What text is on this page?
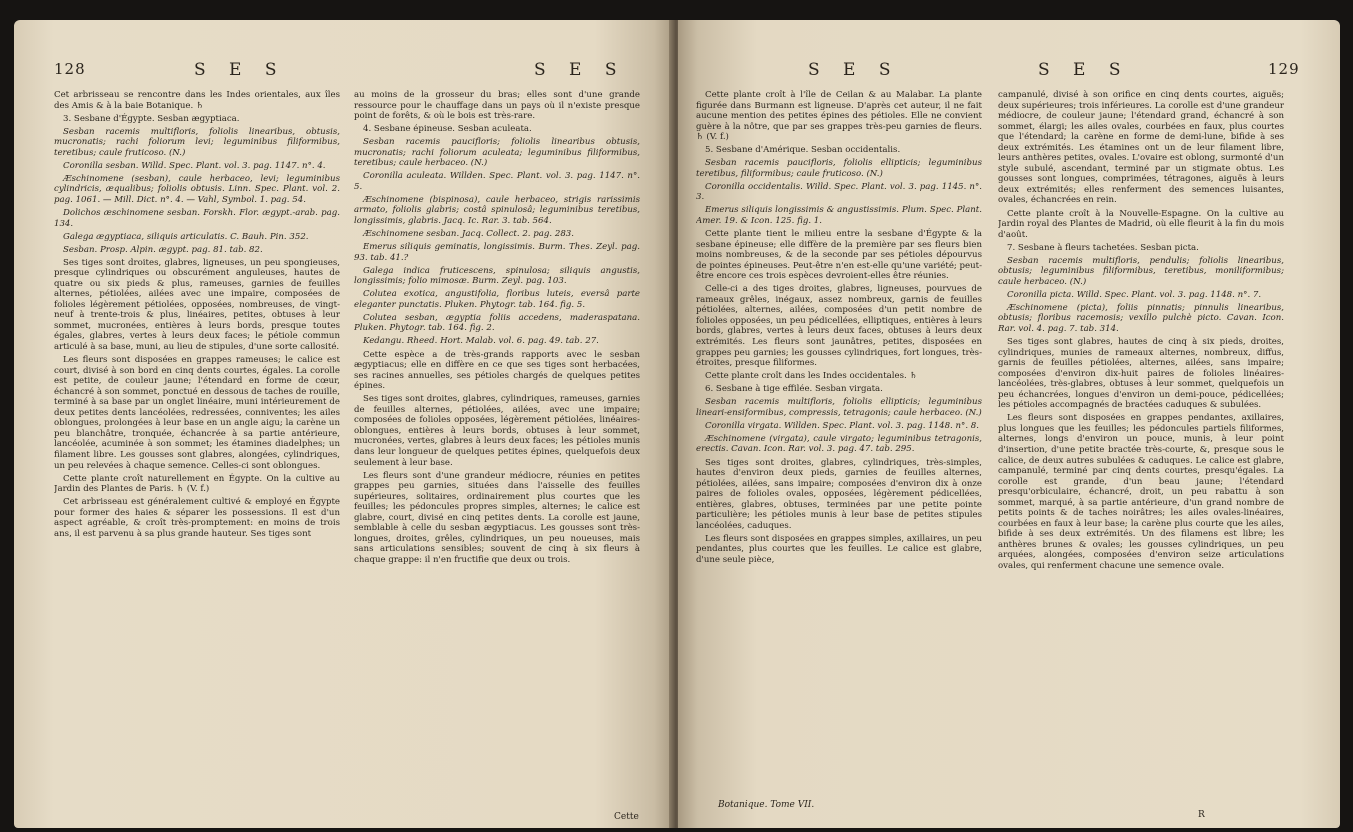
128	S E S	S E S

Cet arbrisseau se rencontre dans les Indes orientales, aux îles des Amis & à la baie Botanique. ♄

3. Sesbane d'Égypte. Sesban ægyptiaca.

Sesban racemis multifloris, foliolis linearibus, obtusis, mucronatis; rachi foliorum levi; leguminibus filiformibus, teretibus; caule fruticoso. (N.)

Coronilla sesban. Willd. Spec. Plant. vol. 3. pag. 1147. n°. 4.

Æschinomene (sesban), caule herbaceo, levi; leguminibus cylindricis, æqualibus; foliolis obtusis. Linn. Spec. Plant. vol. 2. pag. 1061. — Mill. Dict. n°. 4. — Vahl, Symbol. 1. pag. 54.

Dolichos æschinomene sesban. Forskh. Flor. ægypt.-arab. pag. 134.

Galega ægyptiaca, siliquis articulatis. C. Bauh. Pin. 352.

Sesban. Prosp. Alpin. ægypt. pag. 81. tab. 82.

Ses tiges sont droites, glabres, ligneuses, un peu spongieuses, presque cylindriques ou obscurément anguleuses, hautes de quatre ou six pieds & plus, rameuses, garnies de feuilles alternes, pétiolées, ailées avec une impaire, composées de folioles légèrement pétiolées, opposées, nombreuses, de vingt-neuf à trente-trois & plus, linéaires, petites, obtuses à leur sommet, mucronées, entières à leurs bords, presque toutes égales, glabres, vertes à leurs deux faces; le pétiole commun articulé à sa base, muni, au lieu de stipules, d'une sorte callosité.

Les fleurs sont disposées en grappes rameuses; le calice est court, divisé à son bord en cinq dents courtes, égales. La corolle est petite, de couleur jaune; l'étendard en forme de cœur, échancré à son sommet, ponctué en dessous de taches de rouille, terminé à sa base par un onglet linéaire, muni intérieurement de deux petites dents lancéolées, redressées, conniventes; les ailes oblongues, prolongées à leur base en un angle aigu; la carène un peu blanchâtre, tronquée, échancrée à sa partie antérieure, lancéolée, acuminée à son sommet; les étamines diadelphes; un filament libre. Les gousses sont glabres, alongées, cylindriques, un peu relevées à chaque semence. Celles-ci sont oblongues.

Cette plante croît naturellement en Égypte. On la cultive au Jardin des Plantes de Paris. ♄ (V. f.)

Cet arbrisseau est généralement cultivé & employé en Égypte pour former des haies & séparer les possessions. Il est d'un aspect agréable, & croît très-promptement: en moins de trois ans, il est parvenu à sa plus grande hauteur. Ses tiges sont

au moins de la grosseur du bras; elles sont d'une grande ressource pour le chauffage dans un pays où il n'existe presque point de forêts, & où le bois est très-rare.

4. Sesbane épineuse. Sesban aculeata.

Sesban racemis paucifloris; foliolis linearibus obtusis, mucronatis; rachi foliorum aculeata; leguminibus filiformibus, teretibus; caule herbaceo. (N.)

Coronilla aculeata. Willden. Spec. Plant. vol. 3. pag. 1147. n°. 5.

Æschinomene (bispinosa), caule herbaceo, strigis rarissimis armato, foliolis glabris; costâ spinulosâ; leguminibus teretibus, longissimis, glabris. Jacq. Ic. Rar. 3. tab. 564.

Æschinomene sesban. Jacq. Collect. 2. pag. 283.

Emerus siliquis geminatis, longissimis. Burm. Thes. Zeyl. pag. 93. tab. 41.?

Galega indica fruticescens, spinulosa; siliquis angustis, longissimis; folio mimosæ. Burm. Zeyl. pag. 103.

Colutea exotica, angustifolia, floribus luteis, eversâ parte eleganter punctatis. Pluken. Phytogr. tab. 164. fig. 5.

Colutea sesban, ægyptia foliis accedens, maderaspatana. Pluken. Phytogr. tab. 164. fig. 2.

Kedangu. Rheed. Hort. Malab. vol. 6. pag. 49. tab. 27.

Cette espèce a de très-grands rapports avec le sesban ægyptiacus; elle en diffère en ce que ses tiges sont herbacées, ses racines annuelles, ses pétioles chargés de quelques petites épines.

Ses tiges sont droites, glabres, cylindriques, rameuses, garnies de feuilles alternes, pétiolées, ailées, avec une impaire; composées de folioles opposées, légèrement pétiolées, linéaires-oblongues, entières à leurs bords, obtuses à leur sommet, mucronées, vertes, glabres à leurs deux faces; les pétioles munis dans leur longueur de quelques petites épines, quelquefois deux seulement à leur base.

Les fleurs sont d'une grandeur médiocre, réunies en petites grappes peu garnies, situées dans l'aisselle des feuilles supérieures, solitaires, ordinairement plus courtes que les feuilles; les pédoncules propres simples, alternes; le calice est glabre, court, divisé en cinq petites dents. La corolle est jaune, semblable à celle du sesban ægyptiacus. Les gousses sont très-longues, droites, grêles, cylindriques, un peu noueuses, mais sans articulations sensibles; souvent de cinq à six fleurs à chaque grappe: il n'en fructifie que deux ou trois.

Cette
S E S	S E S	129

Cette plante croît à l'île de Ceilan & au Malabar. La plante figurée dans Burmann est ligneuse. D'après cet auteur, il ne fait aucune mention des petites épines des pétioles. Elle ne convient guère à la nôtre, que par ses grappes très-peu garnies de fleurs. ♄ (V. f.)

5. Sesbane d'Amérique. Sesban occidentalis.

Sesban racemis paucifloris, foliolis ellipticis; leguminibus teretibus, filiformibus; caule fruticoso. (N.)

Coronilla occidentalis. Willd. Spec. Plant. vol. 3. pag. 1145. n°. 3.

Emerus siliquis longissimis & angustissimis. Plum. Spec. Plant. Amer. 19. & Icon. 125. fig. 1.

Cette plante tient le milieu entre la sesbane d'Égypte & la sesbane épineuse; elle diffère de la première par ses fleurs bien moins nombreuses, & de la seconde par ses pétioles dépourvus de pointes épineuses. Peut-être n'en est-elle qu'une variété; peut-être encore ces trois espèces devroient-elles être réunies.

Celle-ci a des tiges droites, glabres, ligneuses, pourvues de rameaux grêles, inégaux, assez nombreux, garnis de feuilles pétiolées, alternes, ailées, composées d'un petit nombre de folioles opposées, un peu pédicellées, elliptiques, entières à leurs bords, glabres, vertes à leurs deux faces, obtuses à leurs deux extrémités. Les fleurs sont jaunâtres, petites, disposées en grappes peu garnies; les gousses cylindriques, fort longues, très-étroites, presque filiformes.

Cette plante croît dans les Indes occidentales. ♄

6. Sesbane à tige effilée. Sesban virgata.

Sesban racemis multifloris, foliolis ellipticis; leguminibus lineari-ensiformibus, compressis, tetragonis; caule herbaceo. (N.)

Coronilla virgata. Willden. Spec. Plant. vol. 3. pag. 1148. n°. 8.

Æschinomene (virgata), caule virgato; leguminibus tetragonis, erectis. Cavan. Icon. Rar. vol. 3. pag. 47. tab. 295.

Ses tiges sont droites, glabres, cylindriques, très-simples, hautes d'environ deux pieds, garnies de feuilles alternes, pétiolées, ailées, sans impaire; composées d'environ dix à onze paires de folioles ovales, opposées, légèrement pédicellées, entières, glabres, obtuses, terminées par une petite pointe particulière; les pétioles munis à leur base de petites stipules lancéolées, caduques.

Les fleurs sont disposées en grappes simples, axillaires, un peu pendantes, plus courtes que les feuilles. Le calice est glabre, d'une seule pièce,

Botanique. Tome VII.

campanulé, divisé à son orifice en cinq dents courtes, aiguës; deux supérieures; trois inférieures. La corolle est d'une grandeur médiocre, de couleur jaune; l'étendard grand, échancré à son sommet, élargi; les ailes ovales, courbées en faux, plus courtes que l'étendard; la carène en forme de demi-lune, bifide à ses deux extrémités. Les étamines ont un de leur filament libre, leurs anthères petites, ovales. L'ovaire est oblong, surmonté d'un style subulé, ascendant, terminé par un stigmate obtus. Les gousses sont longues, comprimées, tétragones, aiguës à leurs deux extrémités; elles renferment des semences luisantes, ovales, échancrées en rein.

Cette plante croît à la Nouvelle-Espagne. On la cultive au Jardin royal des Plantes de Madrid, où elle fleurit à la fin du mois d'août.

7. Sesbane à fleurs tachetées. Sesban picta.

Sesban racemis multifloris, pendulis; foliolis linearibus, obtusis; leguminibus filiformibus, teretibus, moniliformibus; caule herbaceo. (N.)

Coronilla picta. Willd. Spec. Plant. vol. 3. pag. 1148. n°. 7.

Æschinomene (picta), foliis pinnatis; pinnulis linearibus, obtusis; floribus racemosis; vexillo pulchè picto. Cavan. Icon. Rar. vol. 4. pag. 7. tab. 314.

Ses tiges sont glabres, hautes de cinq à six pieds, droites, cylindriques, munies de rameaux alternes, nombreux, diffus, garnis de feuilles pétiolées, alternes, ailées, sans impaire; composées d'environ dix-huit paires de folioles linéaires-lancéolées, très-glabres, obtuses à leur sommet, quelquefois un peu échancrées, longues d'environ un demi-pouce, pédicellées; les pétioles accompagnés de bractées caduques & subulées.

Les fleurs sont disposées en grappes pendantes, axillaires, plus longues que les feuilles; les pédoncules partiels filiformes, alternes, longs d'environ un pouce, munis, à leur point d'insertion, d'une petite bractée très-courte, &, presque sous le calice, de deux autres subulées & caduques. Le calice est glabre, campanulé, terminé par cinq dents courtes, presqu'égales. La corolle est grande, d'un beau jaune; l'étendard presqu'orbiculaire, échancré, droit, un peu rabattu à son sommet, marqué, à sa partie antérieure, d'un grand nombre de petits points & de taches noirâtres; les ailes ovales-linéaires, courbées en faux à leur base; la carène plus courte que les ailes, bifide à ses deux extrémités. Un des filamens est libre; les anthères brunes & ovales; les gousses cylindriques, un peu arquées, alongées, composées d'environ seize articulations ovales, qui renferment chacune une semence ovale.

R
